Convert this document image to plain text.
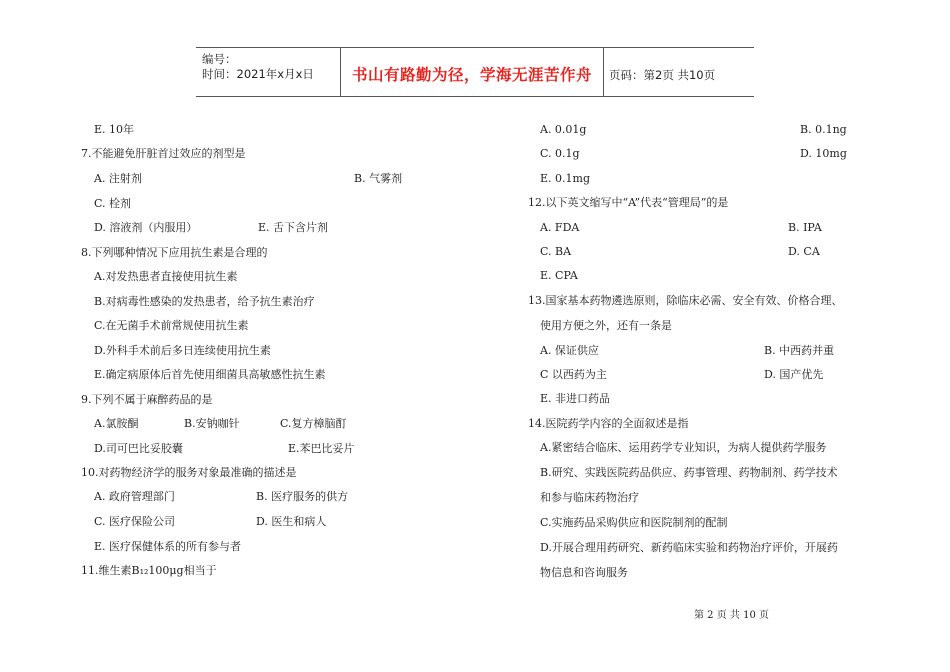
编号：
时间：2021年x月x日 书山有路勤为径，学海无涯苦作舟 页码：第2页 共10页
E. 10年
7.不能避免肝脏首过效应的剂型是
A. 注射剂	B. 气雾剂
C. 栓剂
D. 溶液剂（内服用）	E. 舌下含片剂
8.下列哪种情况下应用抗生素是合理的
A.对发热患者直接使用抗生素
B.对病毒性感染的发热患者，给予抗生素治疗
C.在无菌手术前常规使用抗生素
D.外科手术前后多日连续使用抗生素
E.确定病原体后首先使用细菌具高敏感性抗生素
9.下列不属于麻醉药品的是
A.氯胺酮	B.安钠咖针	C.复方樟脑酊
D.司可巴比妥胶囊	E.苯巴比妥片
10.对药物经济学的服务对象最准确的描述是
A. 政府管理部门	B. 医疗服务的供方
C. 医疗保险公司	D. 医生和病人
E. 医疗保健体系的所有参与者
11.维生素B₁₂100μg相当于
A. 0.01g	B. 0.1ng
C. 0.1g	D. 10mg
E. 0.1mg
12.以下英文缩写中“A”代表“管理局”的是
A. FDA	B. IPA
C. BA	D. CA
E. CPA
13.国家基本药物遴选原则，除临床必需、安全有效、价格合理、
使用方便之外，还有一条是
A. 保证供应	B. 中西药并重
C 以西药为主	D. 国产优先
E. 非进口药品
14.医院药学内容的全面叙述是指
A.紧密结合临床、运用药学专业知识，为病人提供药学服务
B.研究、实践医院药品供应、药事管理、药物制剂、药学技术
和参与临床药物治疗
C.实施药品采购供应和医院制剂的配制
D.开展合理用药研究、新药临床实验和药物治疗评价，开展药
物信息和咨询服务
第 2 页 共 10 页
